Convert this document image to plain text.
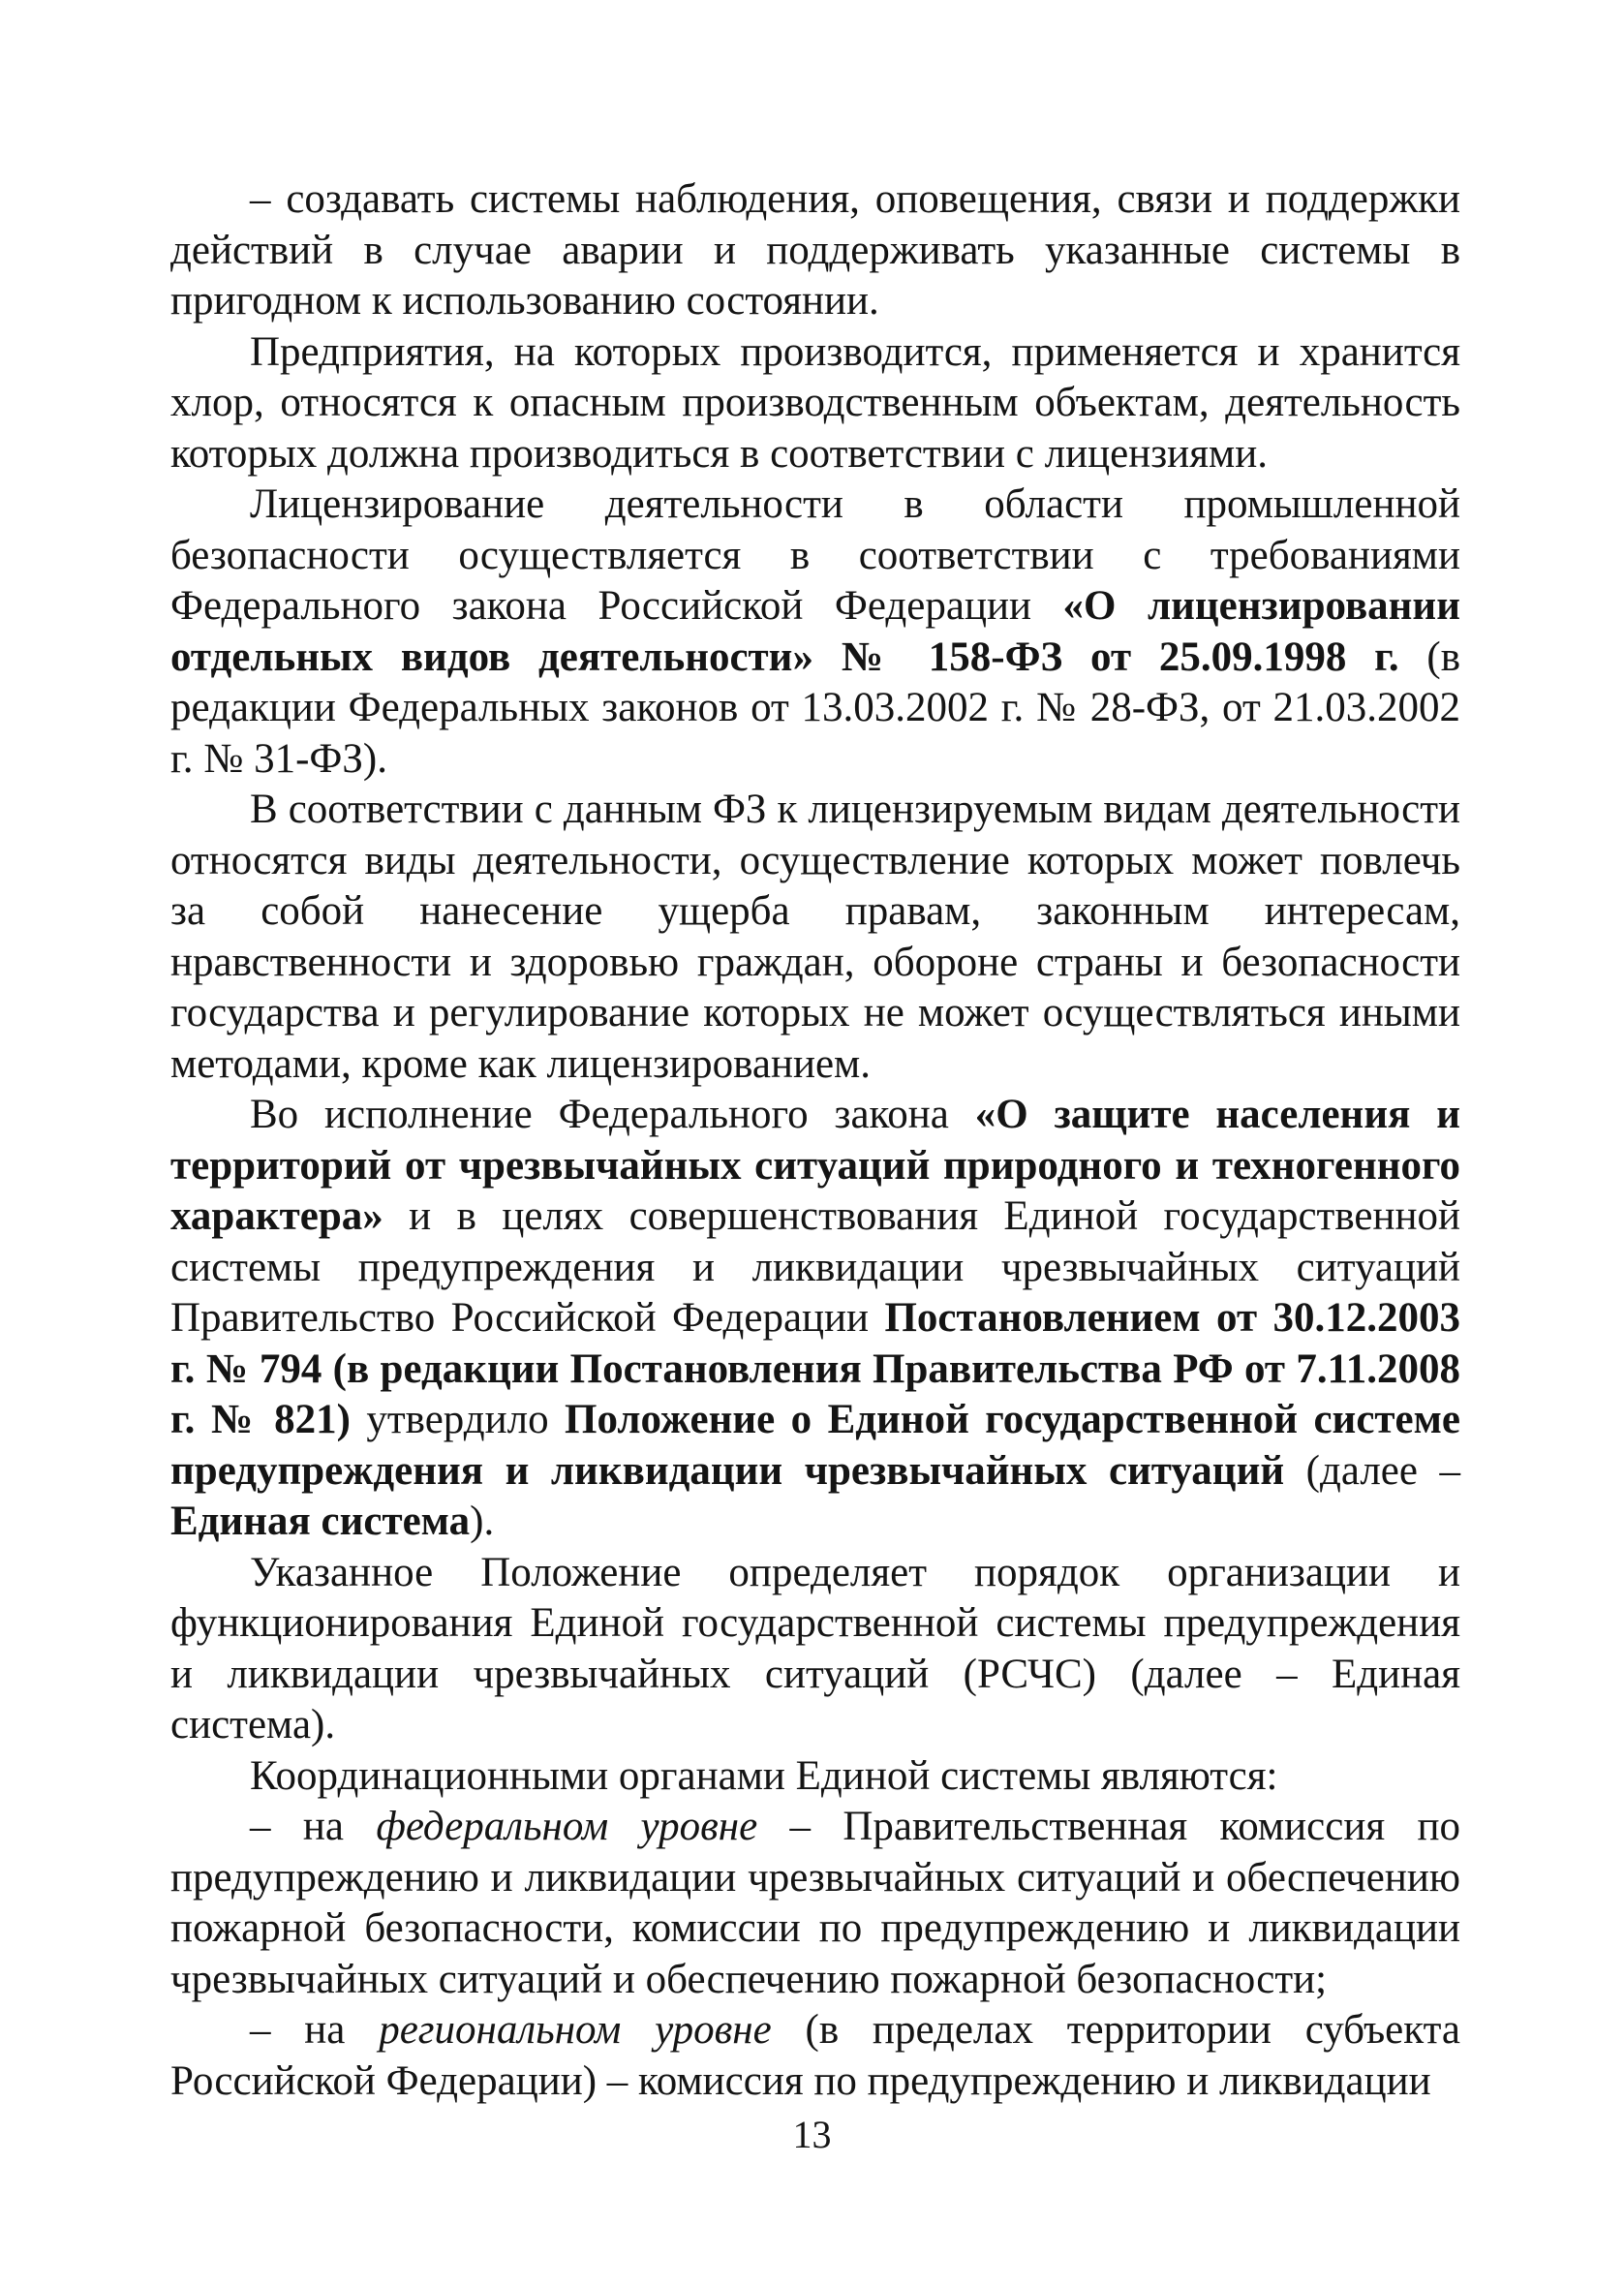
– создавать системы наблюдения, оповещения, связи и поддержки действий в случае аварии и поддерживать указанные системы в пригодном к использованию состоянии.

Предприятия, на которых производится, применяется и хранится хлор, относятся к опасным производственным объектам, деятельность которых должна производиться в соответствии с лицензиями.

Лицензирование деятельности в области промышленной безопасности осуществляется в соответствии с требованиями Федерального закона Российской Федерации «О лицензировании отдельных видов деятельности» № 158-ФЗ от 25.09.1998 г. (в редакции Федеральных законов от 13.03.2002 г. № 28-ФЗ, от 21.03.2002 г. № 31-ФЗ).

В соответствии с данным ФЗ к лицензируемым видам деятельности относятся виды деятельности, осуществление которых может повлечь за собой нанесение ущерба правам, законным интересам, нравственности и здоровью граждан, обороне страны и безопасности государства и регулирование которых не может осуществляться иными методами, кроме как лицензированием.

Во исполнение Федерального закона «О защите населения и территорий от чрезвычайных ситуаций природного и техногенного характера» и в целях совершенствования Единой государственной системы предупреждения и ликвидации чрезвычайных ситуаций Правительство Российской Федерации Постановлением от 30.12.2003 г. № 794 (в редакции Постановления Правительства РФ от 7.11.2008 г. № 821) утвердило Положение о Единой государственной системе предупреждения и ликвидации чрезвычайных ситуаций (далее – Единая система).

Указанное Положение определяет порядок организации и функционирования Единой государственной системы предупреждения и ликвидации чрезвычайных ситуаций (РСЧС) (далее – Единая система).

Координационными органами Единой системы являются:

– на федеральном уровне – Правительственная комиссия по предупреждению и ликвидации чрезвычайных ситуаций и обеспечению пожарной безопасности, комиссии по предупреждению и ликвидации чрезвычайных ситуаций и обеспечению пожарной безопасности;

– на региональном уровне (в пределах территории субъекта Российской Федерации) – комиссия по предупреждению и ликвидации

13
